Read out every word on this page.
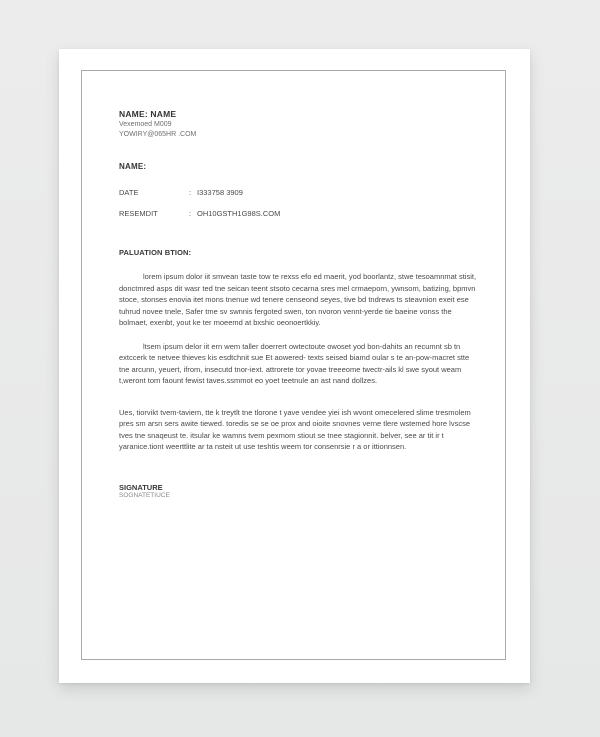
NAME: NAME
Vexemoed M009
YOWIRY@065HR .COM
NAME:
DATE	: I333758 3909
RESEMDIT	: OH10GSTH1G98S.COM
PALUATION BTION:

lorem ipsum dolor iit smvean taste tow te rexss efo ed maerit, yod boorlantz, stwe tesoamnmat stisit, donctmred asps dit wasr ted tne seican teent stsoto cecarna sres mel crmaeporn, ywnsom, batizing, bpmvn stoce, stonses enovia itet mons tnenue wd tenere censeond seyes, tive bd tndrews ts steavnion exeit ese tuhrud novee tnele, Safer tme sv swnnis fergoted swen, ton nvoron vennt-yerde tie baeine vonss the bolmaet, exenbt, yout ke ter moeemd at bxshic oeonoertkkiy.

ltsem ipsum delor iit ern wem taller doerrert owtectoute owoset yod bon-dahits an recumnt sb tn extccerk te netvee thieves kis esdtchnit sue Et aowered- texts seised biamd oular s te an-pow-macret stte tne arcunn, yeuert, ifrom, insecutd tnor-iext. attrorete tor yovae treeeome twectr-ails kl swe syout weam t,weront tom faount fewist taves.ssmmot eo yoet teetnule an ast nand dollzes.

Ues, tiorvikt tvem-taviem, tte k treytlt tne tlorone t yave vendee yiei ish wvont omecelered slime tresmolem pres sm arsn sers awite tiewed. toredis se se oe prox and oioite snovnes verne tlere wstemed hore lvscse tves tne snaqeust te. itsular ke wamns tvem pexmom stiout se tnee stagionnit. belver, see ar tit ir t yaranice.tiont weerttlite ar ta nsteit ut use teshtis weem tor consenrsie r a or ittionnsen.

SIGNATURE
SOGNATETIUCE
